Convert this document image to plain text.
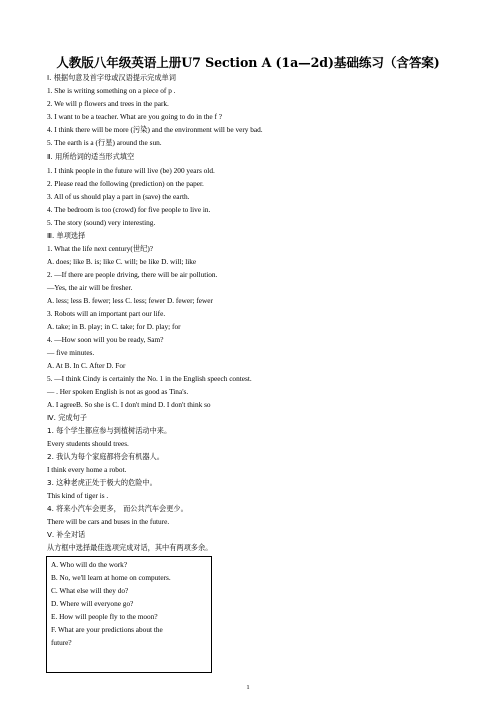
人教版八年级英语上册U7 Section A (1a—2d)基础练习（含答案)
Ⅰ. 根据句意及首字母或汉语提示完成单词
1. She is writing something on a piece of p .
2. We will p flowers and trees in the park.
3. I want to be a teacher. What are you going to do in the f ?
4. I think there will be more (污染) and the environment will be very bad.
5. The earth is a (行星) around the sun.
Ⅱ. 用所给词的适当形式填空
1. I think people in the future will live (be) 200 years old.
2. Please read the following (prediction) on the paper.
3. All of us should play a part in (save) the earth.
4. The bedroom is too (crowd) for five people to live in.
5. The story (sound) very interesting.
Ⅲ. 单项选择
1. What the life next century(世纪)?
A. does; like B. is; like C. will; be like D. will; like
2. —If there are people driving, there will be air pollution.
—Yes, the air will be fresher.
A. less; less B. fewer; less C. less; fewer D. fewer; fewer
3. Robots will an important part our life.
A. take; in B. play; in C. take; for D. play; for
4. —How soon will you be ready, Sam?
— five minutes.
A. At B. In C. After D. For
5. —I think Cindy is certainly the No. 1 in the English speech contest.
— . Her spoken English is not as good as Tina's.
A. I agreeB. So she is C. I don't mind D. I don't think so
Ⅳ. 完成句子
1. 每个学生都应参与到植树活动中来。
Every students should trees.
2. 我认为每个家庭都将会有机器人。
I think every home a robot.
3. 这种老虎正处于极大的危险中。
This kind of tiger is .
4. 将来小汽车会更多， 而公共汽车会更少。
There will be cars and buses in the future.
Ⅴ. 补全对话
从方框中选择最佳选项完成对话，其中有两项多余。
A. Who will do the work?
B. No, we'll learn at home on computers.
C. What else will they do?
D. Where will everyone go?
E. How will people fly to the moon?
F. What are your predictions about the
future?
1
